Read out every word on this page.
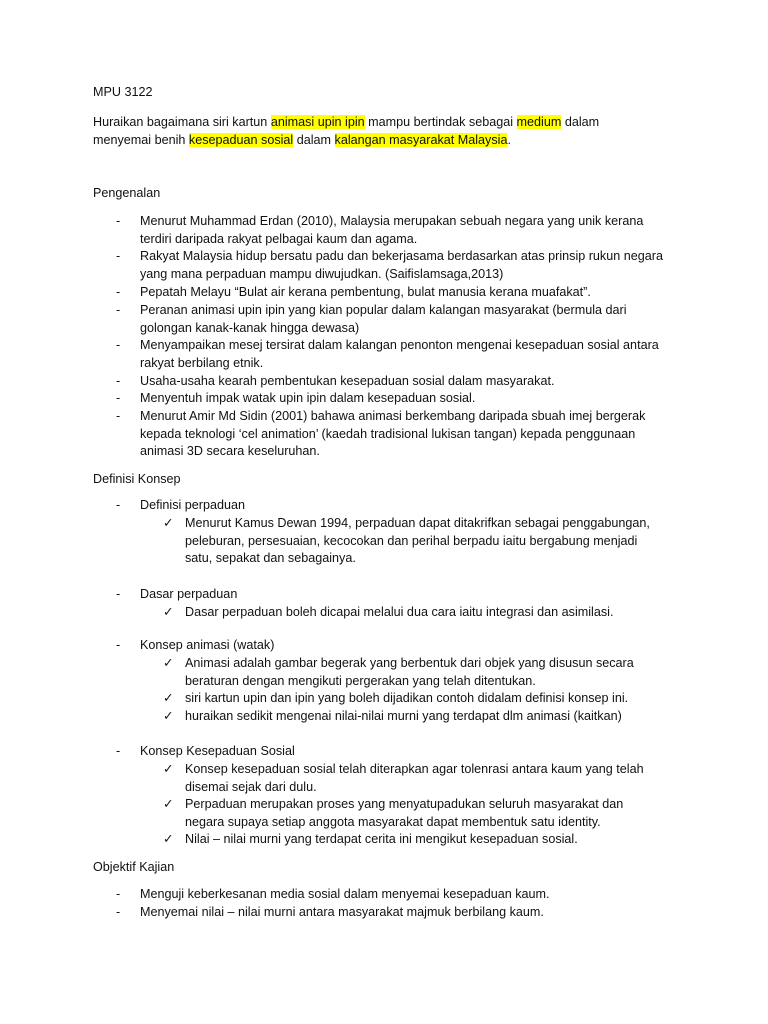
MPU 3122
Huraikan bagaimana siri kartun animasi upin ipin mampu bertindak sebagai medium dalam
menyemai benih kesepaduan sosial dalam kalangan masyarakat Malaysia.
Pengenalan
- Menurut Muhammad Erdan (2010), Malaysia merupakan sebuah negara yang unik kerana
terdiri daripada rakyat pelbagai kaum dan agama.
- Rakyat Malaysia hidup bersatu padu dan bekerjasama berdasarkan atas prinsip rukun negara
yang mana perpaduan mampu diwujudkan. (Saifislamsaga,2013)
- Pepatah Melayu “Bulat air kerana pembentung, bulat manusia kerana muafakat”.
- Peranan animasi upin ipin yang kian popular dalam kalangan masyarakat (bermula dari
golongan kanak-kanak hingga dewasa)
- Menyampaikan mesej tersirat dalam kalangan penonton mengenai kesepaduan sosial antara
rakyat berbilang etnik.
- Usaha-usaha kearah pembentukan kesepaduan sosial dalam masyarakat.
- Menyentuh impak watak upin ipin dalam kesepaduan sosial.
- Menurut Amir Md Sidin (2001) bahawa animasi berkembang daripada sbuah imej bergerak
kepada teknologi ‘cel animation’ (kaedah tradisional lukisan tangan) kepada penggunaan
animasi 3D secara keseluruhan.
Definisi Konsep
- Definisi perpaduan
✓ Menurut Kamus Dewan 1994, perpaduan dapat ditakrifkan sebagai penggabungan,
peleburan, persesuaian, kecocokan dan perihal berpadu iaitu bergabung menjadi
satu, sepakat dan sebagainya.
- Dasar perpaduan
✓ Dasar perpaduan boleh dicapai melalui dua cara iaitu integrasi dan asimilasi.
- Konsep animasi (watak)
✓ Animasi adalah gambar begerak yang berbentuk dari objek yang disusun secara
beraturan dengan mengikuti pergerakan yang telah ditentukan.
✓ siri kartun upin dan ipin yang boleh dijadikan contoh didalam definisi konsep ini.
✓ huraikan sedikit mengenai nilai-nilai murni yang terdapat dlm animasi (kaitkan)
- Konsep Kesepaduan Sosial
✓ Konsep kesepaduan sosial telah diterapkan agar tolenrasi antara kaum yang telah
disemai sejak dari dulu.
✓ Perpaduan merupakan proses yang menyatupadukan seluruh masyarakat dan
negara supaya setiap anggota masyarakat dapat membentuk satu identity.
✓ Nilai – nilai murni yang terdapat cerita ini mengikut kesepaduan sosial.
Objektif Kajian
- Menguji keberkesanan media sosial dalam menyemai kesepaduan kaum.
- Menyemai nilai – nilai murni antara masyarakat majmuk berbilang kaum.
